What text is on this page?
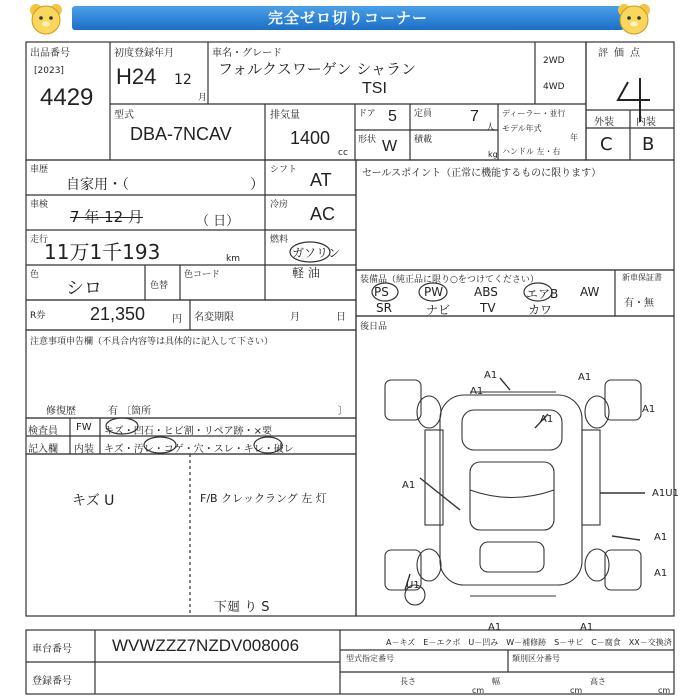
完全ゼロ切りコーナー
出品番号
[2023]
4429
初度登録年月
H24 12
月
車名・グレード
フォルクスワーゲン シャラン
TSI
2WD
4WD
評価点
型式
DBA-7NCAV
排気量
1400
cc
ドア 5 定員 7
人
形状 W 積載
kg
ディーラー・並行
モデル年式
年
ハンドル 左・右
外装 内装
C B
車歴
自家用・（	）
シフト AT
車検
7 年 12 月	（ 日）
冷房 AC
走行
11万1千193	km
燃料
ガソリン
軽 油
色
シロ	色替
色コード
R券 21,350	円 名変期限	月	日
注意事項申告欄（不具合内容等は具体的に記入して下さい）
修復歴	有 〔箇所	〕
検査員
記入欄
FW キズ・凹石・ヒビ割・リペア跡・×要
内装 キズ・汚レ・コゲ・穴・スレ・キレ・破レ
キズ U	F/B クレックラング 左 灯
下廻 り S
セールスポイント（正常に機能するものに限ります）
装備品（純正品に限り○をつけてください）
PS	PW	ABS エアB AW
SR	ナビ TV	カワ
新車保証書
有・無
後日品
A1	A1
A1
A1
A1
A1
A1U1
A1
A1
U1
A1	A1
車台番号 WVWZZZ7NZDV008006
登録番号
A－キズ　E－エクボ　U－凹み　W－補修跡　S－サビ　C－腐食　XX－交換済
型式指定番号	類別区分番号
長さ
cm
幅
cm
高さ
cm
